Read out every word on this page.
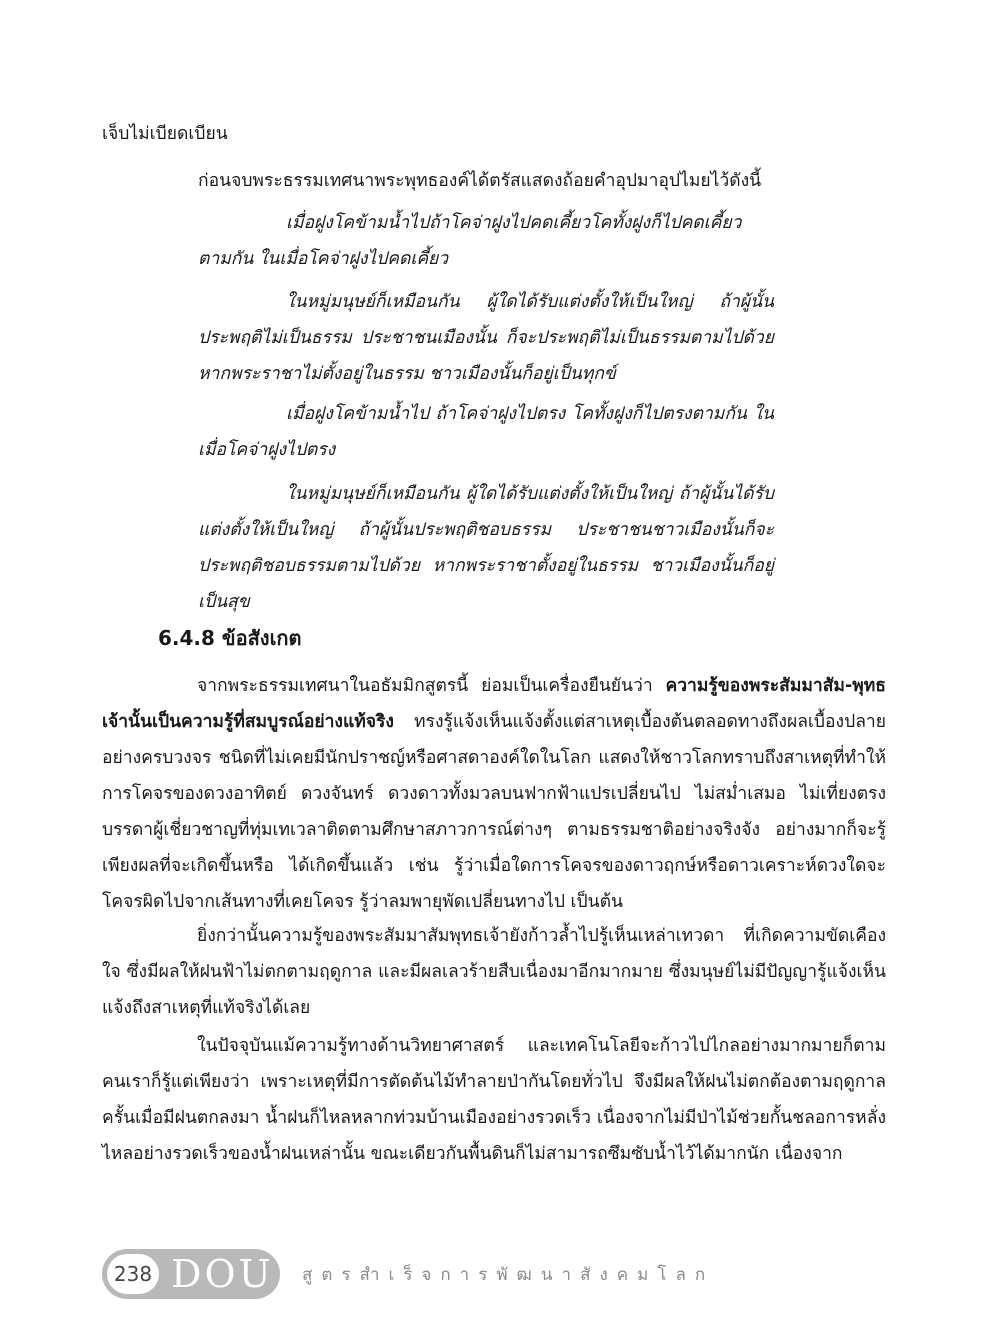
เจ็บไม่เบียดเบียน

ก่อนจบพระธรรมเทศนาพระพุทธองค์ได้ตรัสแสดงถ้อยคำอุปมาอุปไมยไว้ดังนี้

เมื่อฝูงโคข้ามน้ำไปถ้าโคจ่าฝูงไปคดเคี้ยวโคทั้งฝูงก็ไปคดเคี้ยวตามกัน ในเมื่อโคจ่าฝูงไปคดเคี้ยว

ในหมู่มนุษย์ก็เหมือนกัน ผู้ใดได้รับแต่งตั้งให้เป็นใหญ่ ถ้าผู้นั้นประพฤติไม่เป็นธรรม ประชาชนเมืองนั้น ก็จะประพฤติไม่เป็นธรรมตามไปด้วย หากพระราชาไม่ตั้งอยู่ในธรรม ชาวเมืองนั้นก็อยู่เป็นทุกข์

เมื่อฝูงโคข้ามน้ำไป ถ้าโคจ่าฝูงไปตรง โคทั้งฝูงก็ไปตรงตามกัน ในเมื่อโคจ่าฝูงไปตรง

ในหมู่มนุษย์ก็เหมือนกัน ผู้ใดได้รับแต่งตั้งให้เป็นใหญ่ ถ้าผู้นั้นได้รับแต่งตั้งให้เป็นใหญ่ ถ้าผู้นั้นประพฤติชอบธรรม ประชาชนชาวเมืองนั้นก็จะประพฤติชอบธรรมตามไปด้วย หากพระราชาตั้งอยู่ในธรรม ชาวเมืองนั้นก็อยู่เป็นสุข

6.4.8 ข้อสังเกต

จากพระธรรมเทศนาในอธัมมิกสูตรนี้ ย่อมเป็นเครื่องยืนยันว่า ความรู้ของพระสัมมาสัม-พุทธเจ้านั้นเป็นความรู้ที่สมบูรณ์อย่างแท้จริง ทรงรู้แจ้งเห็นแจ้งตั้งแต่สาเหตุเบื้องต้นตลอดทางถึงผลเบื้องปลายอย่างครบวงจร ชนิดที่ไม่เคยมีนักปราชญ์หรือศาสดาองค์ใดในโลก แสดงให้ชาวโลกทราบถึงสาเหตุที่ทำให้การโคจรของดวงอาทิตย์ ดวงจันทร์ ดวงดาวทั้งมวลบนฟากฟ้าแปรเปลี่ยนไป ไม่สม่ำเสมอ ไม่เที่ยงตรง บรรดาผู้เชี่ยวชาญที่ทุ่มเทเวลาติดตามศึกษาสภาวการณ์ต่างๆ ตามธรรมชาติอย่างจริงจัง อย่างมากก็จะรู้เพียงผลที่จะเกิดขึ้นหรือ ได้เกิดขึ้นแล้ว เช่น รู้ว่าเมื่อใดการโคจรของดาวฤกษ์หรือดาวเคราะห์ดวงใดจะโคจรผิดไปจากเส้นทางที่เคยโคจร รู้ว่าลมพายุพัดเปลี่ยนทางไป เป็นต้น

ยิ่งกว่านั้นความรู้ของพระสัมมาสัมพุทธเจ้ายังก้าวล้ำไปรู้เห็นเหล่าเทวดา ที่เกิดความขัดเคืองใจ ซึ่งมีผลให้ฝนฟ้าไม่ตกตามฤดูกาล และมีผลเลวร้ายสืบเนื่องมาอีกมากมาย ซึ่งมนุษย์ไม่มีปัญญารู้แจ้งเห็นแจ้งถึงสาเหตุที่แท้จริงได้เลย

ในปัจจุบันแม้ความรู้ทางด้านวิทยาศาสตร์ และเทคโนโลยีจะก้าวไปไกลอย่างมากมายก็ตาม คนเราก็รู้แต่เพียงว่า เพราะเหตุที่มีการตัดต้นไม้ทำลายป่ากันโดยทั่วไป จึงมีผลให้ฝนไม่ตกต้องตามฤดูกาล ครั้นเมื่อมีฝนตกลงมา น้ำฝนก็ไหลหลากท่วมบ้านเมืองอย่างรวดเร็ว เนื่องจากไม่มีป่าไม้ช่วยกั้นชลอการหลั่งไหลอย่างรวดเร็วของน้ำฝนเหล่านั้น ขณะเดียวกันพื้นดินก็ไม่สามารถซึมซับน้ำไว้ได้มากนัก เนื่องจาก

238 DOU สูตรสำเร็จการพัฒนาสังคมโลก
